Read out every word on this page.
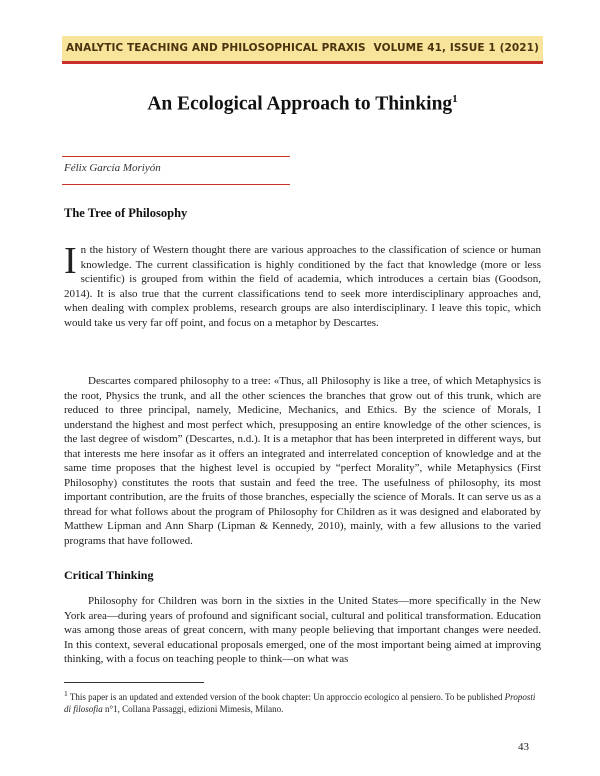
ANALYTIC TEACHING AND PHILOSOPHICAL PRAXIS VOLUME 41, ISSUE 1 (2021)
An Ecological Approach to Thinking$^1$
Félix García Moriyón
The Tree of Philosophy

In the history of Western thought there are various approaches to the classification of science or human knowledge. The current classification is highly conditioned by the fact that knowledge (more or less scientific) is grouped from within the field of academia, which introduces a certain bias (Goodson, 2014). It is also true that the current classifications tend to seek more interdisciplinary approaches and, when dealing with complex problems, research groups are also interdisciplinary. I leave this topic, which would take us very far off point, and focus on a metaphor by Descartes.

Descartes compared philosophy to a tree: «Thus, all Philosophy is like a tree, of which Metaphysics is the root, Physics the trunk, and all the other sciences the branches that grow out of this trunk, which are reduced to three principal, namely, Medicine, Mechanics, and Ethics. By the science of Morals, I understand the highest and most perfect which, presupposing an entire knowledge of the other sciences, is the last degree of wisdom” (Descartes, n.d.). It is a metaphor that has been interpreted in different ways, but that interests me here insofar as it offers an integrated and interrelated conception of knowledge and at the same time proposes that the highest level is occupied by “perfect Morality”, while Metaphysics (First Philosophy) constitutes the roots that sustain and feed the tree. The usefulness of philosophy, its most important contribution, are the fruits of those branches, especially the science of Morals. It can serve us as a thread for what follows about the program of Philosophy for Children as it was designed and elaborated by Matthew Lipman and Ann Sharp (Lipman & Kennedy, 2010), mainly, with a few allusions to the varied programs that have followed.

Critical Thinking

Philosophy for Children was born in the sixties in the United States—more specifically in the New York area—during years of profound and significant social, cultural and political transformation. Education was among those areas of great concern, with many people believing that important changes were needed. In this context, several educational proposals emerged, one of the most important being aimed at improving thinking, with a focus on teaching people to think—on what was

$^1$ This paper is an updated and extended version of the book chapter: Un approccio ecologico al pensiero. To be published Proposti di filosofia n°1, Collana Passaggi, edizioni Mimesis, Milano.

43
